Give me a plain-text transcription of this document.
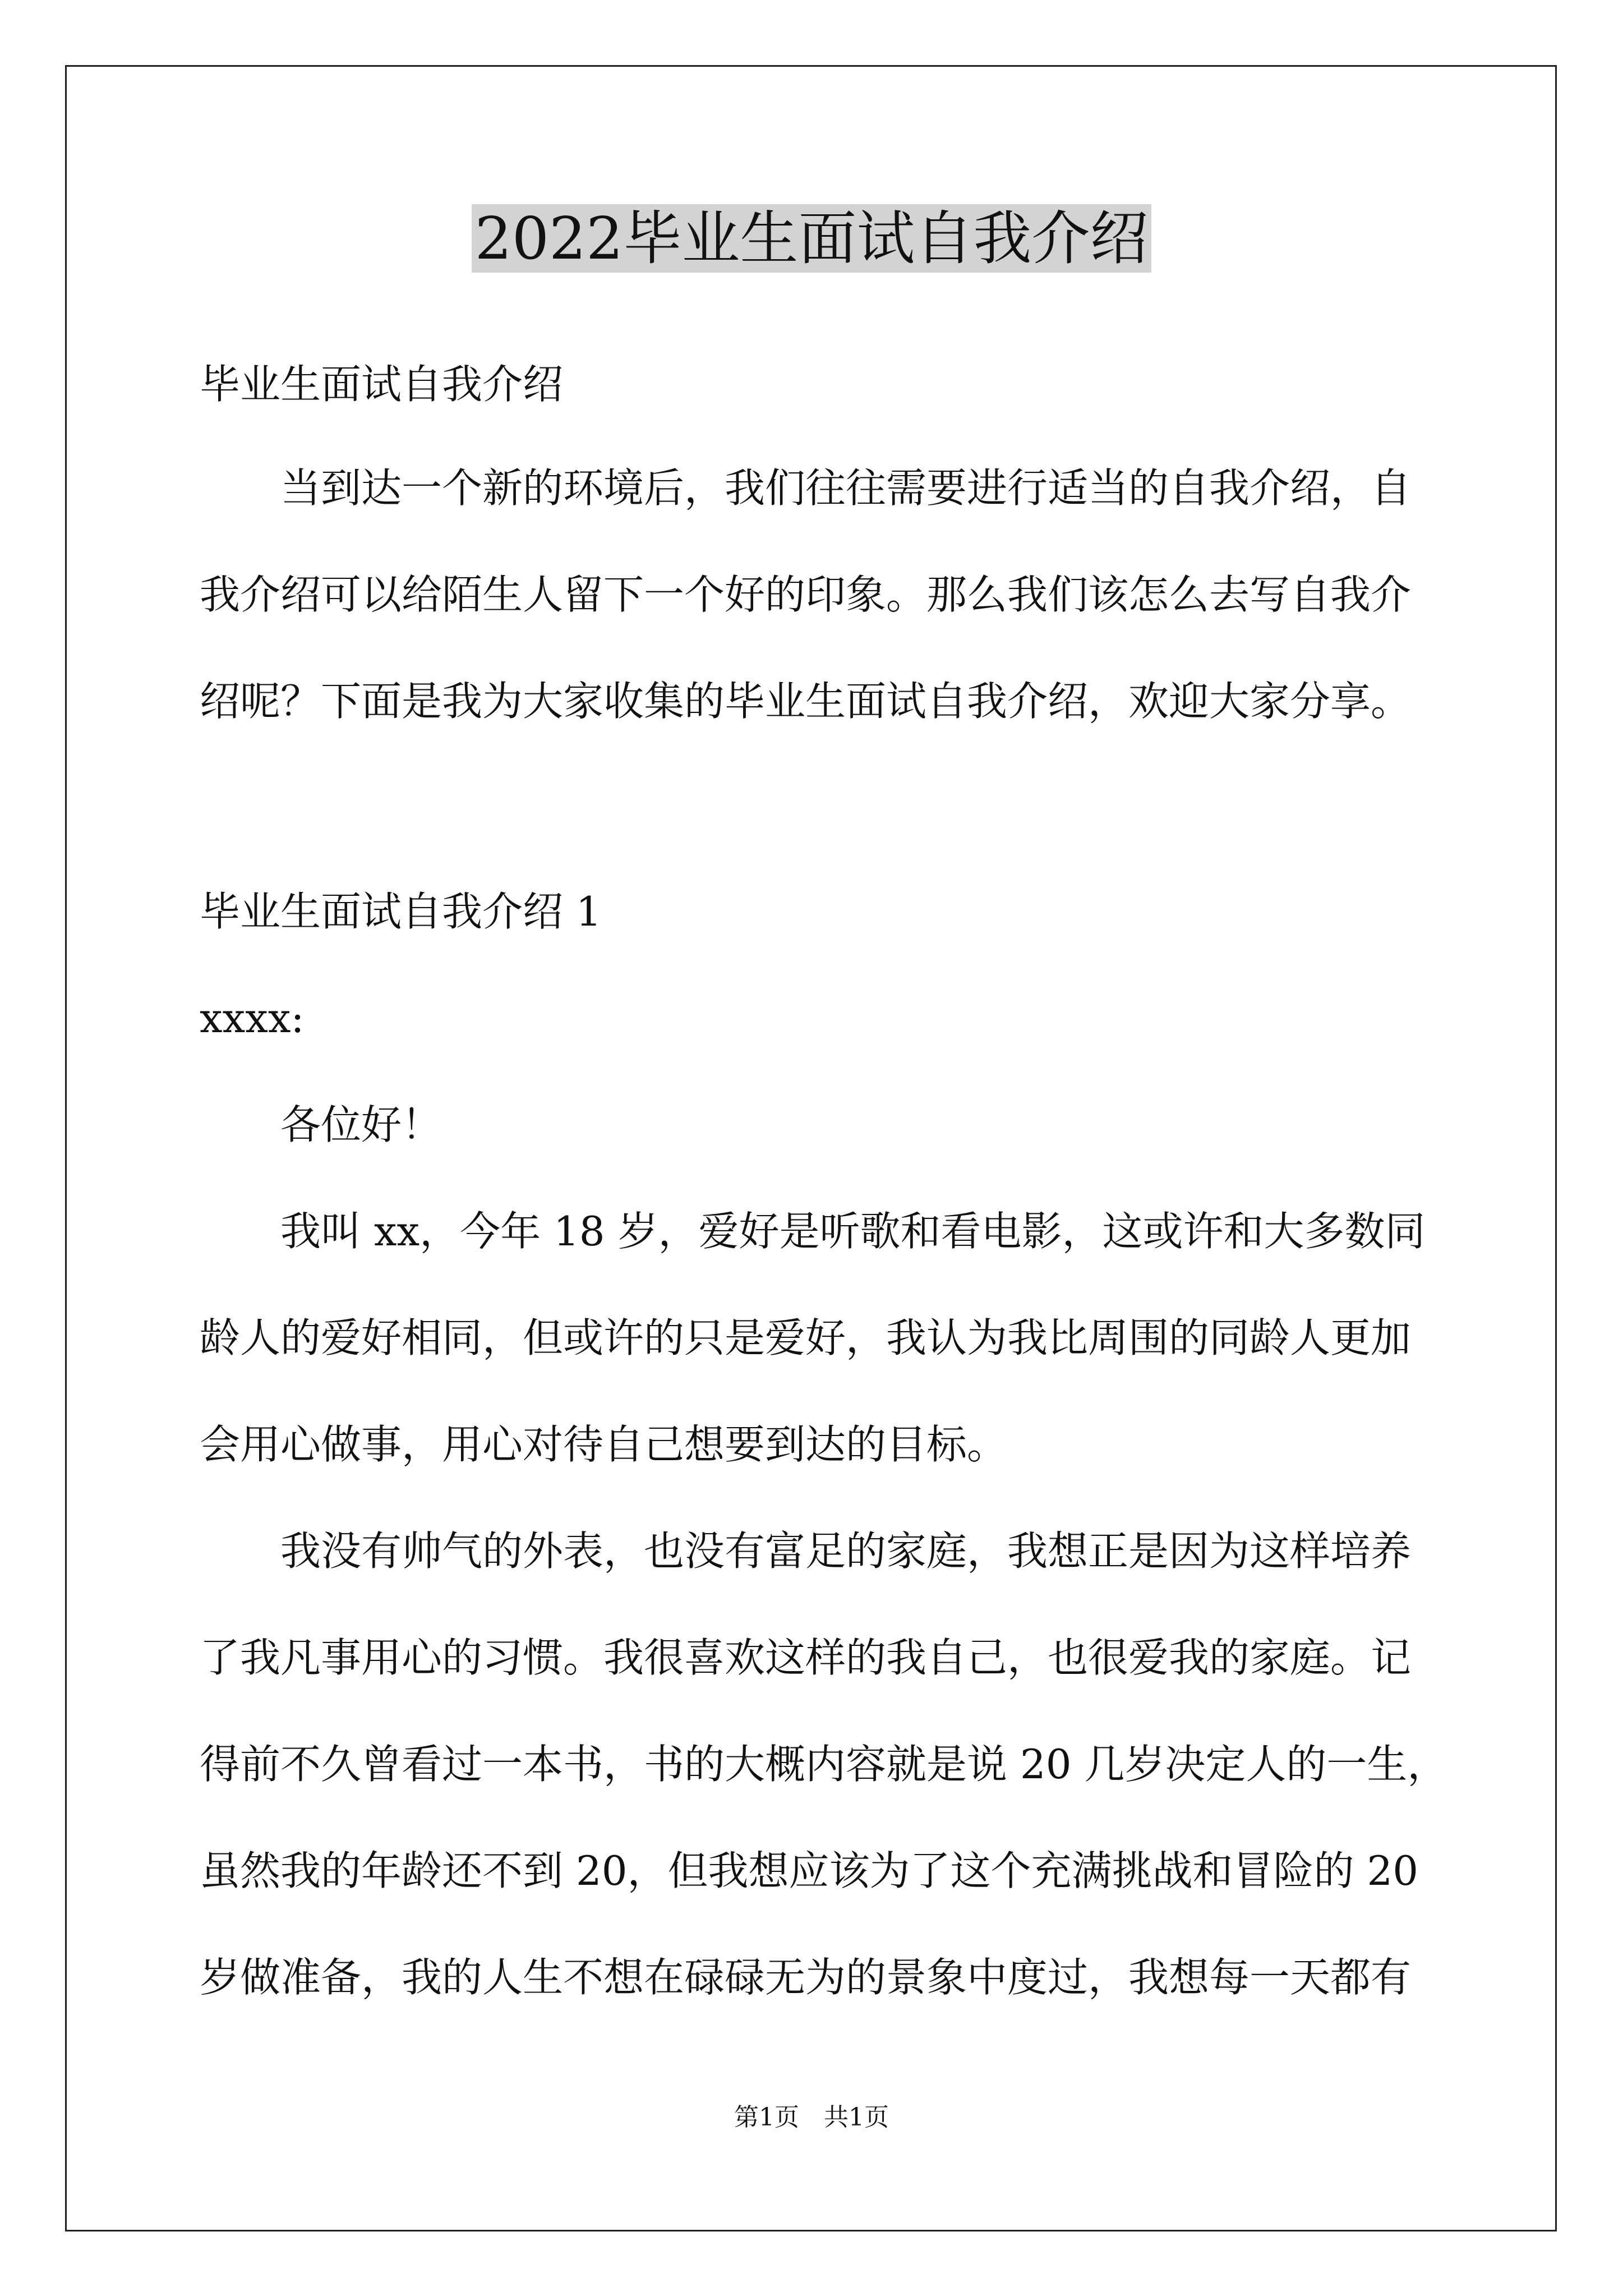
2022毕业生面试自我介绍
毕业生面试自我介绍
当到达一个新的环境后，我们往往需要进行适当的自我介绍，自
我介绍可以给陌生人留下一个好的印象。那么我们该怎么去写自我介
绍呢？下面是我为大家收集的毕业生面试自我介绍，欢迎大家分享。
毕业生面试自我介绍 1
xxxx:
各位好！
我叫 xx，今年 18 岁，爱好是听歌和看电影，这或许和大多数同
龄人的爱好相同，但或许的只是爱好，我认为我比周围的同龄人更加
会用心做事，用心对待自己想要到达的目标。
我没有帅气的外表，也没有富足的家庭，我想正是因为这样培养
了我凡事用心的习惯。我很喜欢这样的我自己，也很爱我的家庭。记
得前不久曾看过一本书，书的大概内容就是说 20 几岁决定人的一生，
虽然我的年龄还不到 20，但我想应该为了这个充满挑战和冒险的 20
岁做准备，我的人生不想在碌碌无为的景象中度过，我想每一天都有
第1页　共1页
